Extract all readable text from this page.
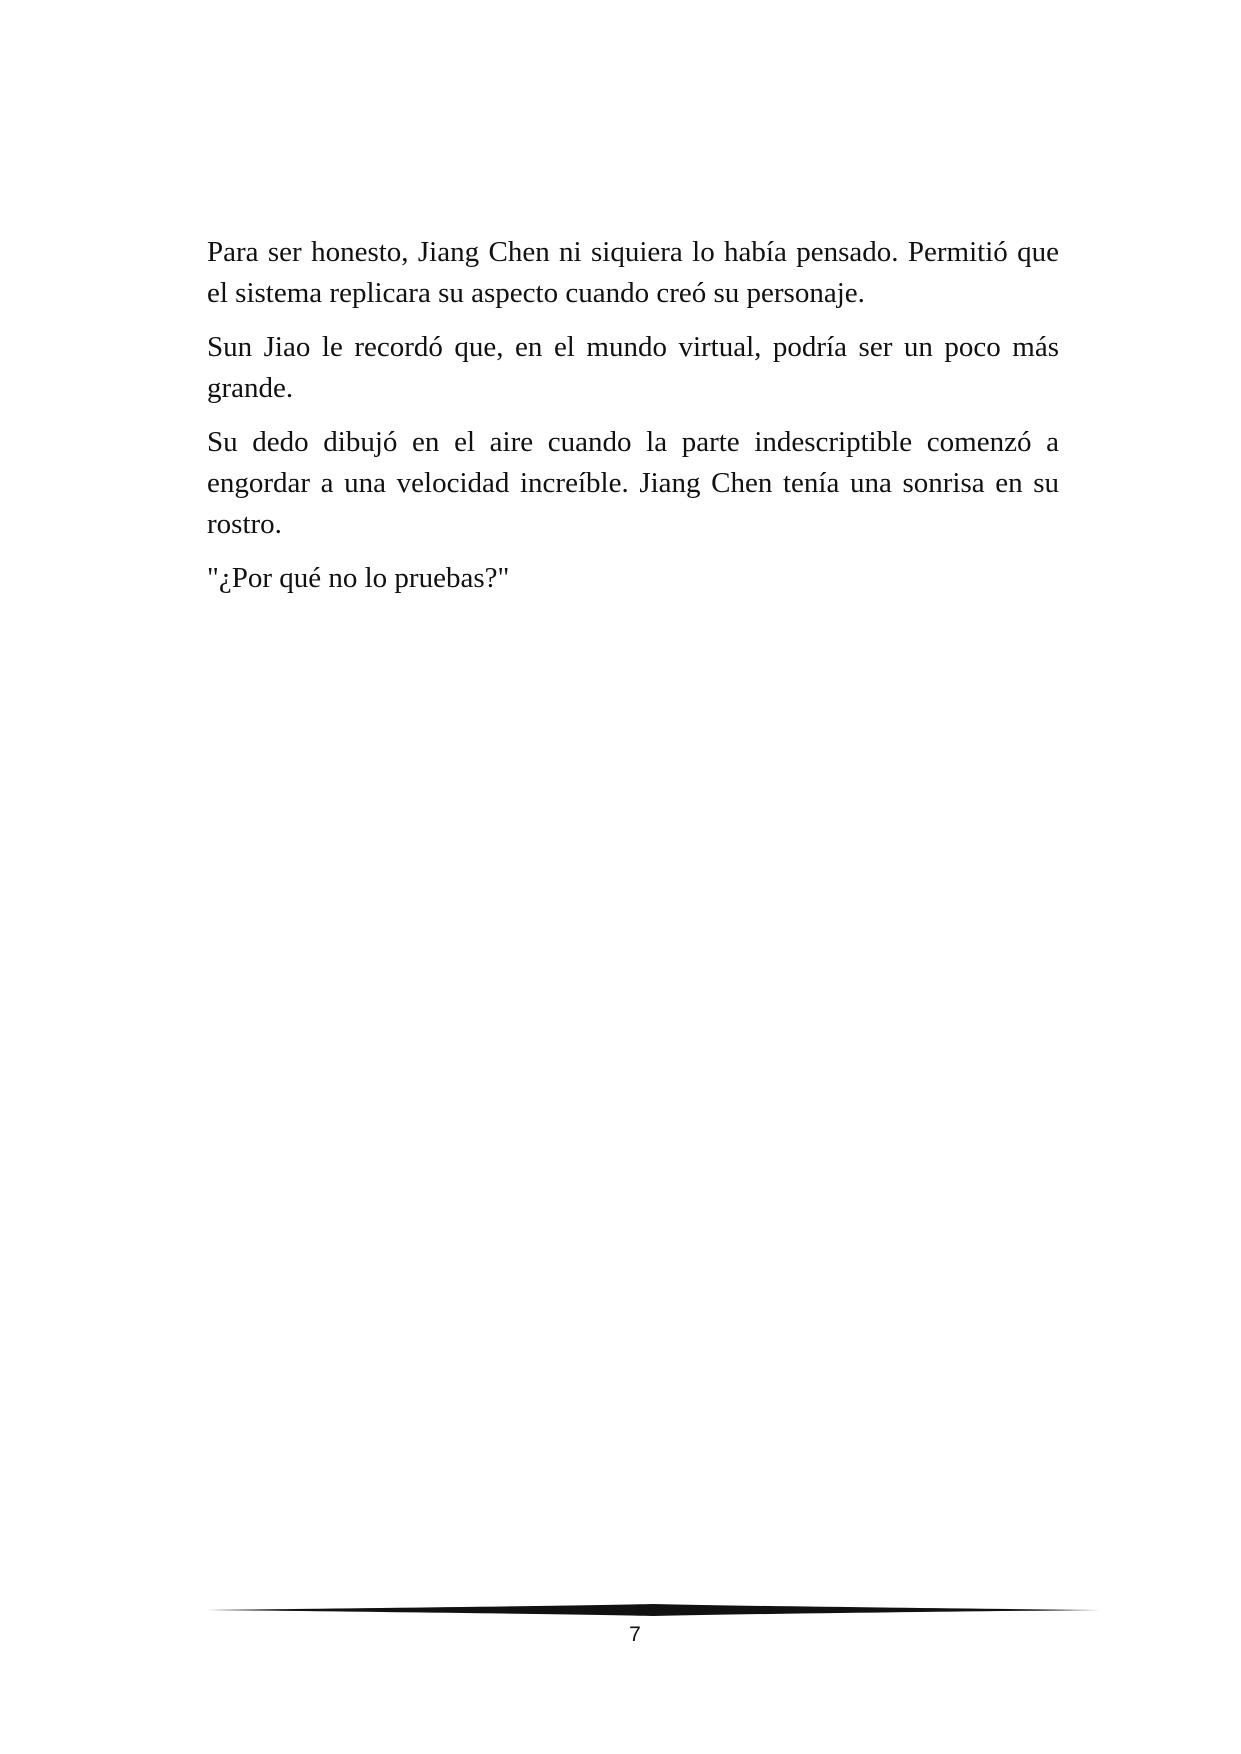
Para ser honesto, Jiang Chen ni siquiera lo había pensado. Permitió que el sistema replicara su aspecto cuando creó su personaje.

Sun Jiao le recordó que, en el mundo virtual, podría ser un poco más grande.

Su dedo dibujó en el aire cuando la parte indescriptible comenzó a engordar a una velocidad increíble. Jiang Chen tenía una sonrisa en su rostro.

"¿Por qué no lo pruebas?"

7
